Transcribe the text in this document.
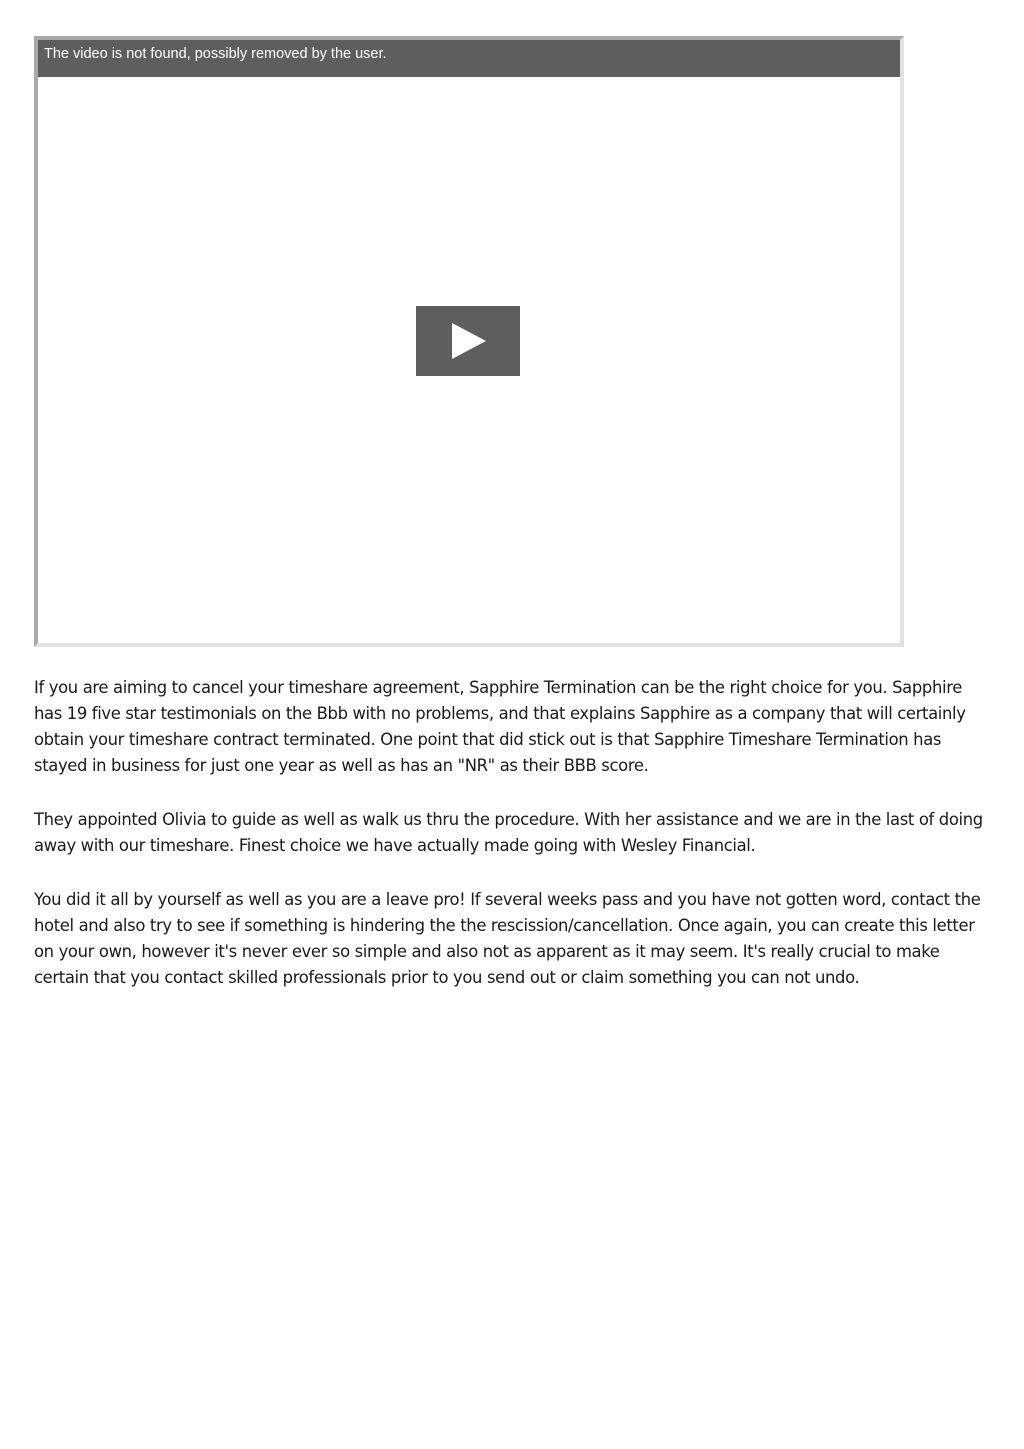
The video is not found, possibly removed by the user.

If you are aiming to cancel your timeshare agreement, Sapphire Termination can be the right choice for you. Sapphire has 19 five star testimonials on the Bbb with no problems, and that explains Sapphire as a company that will certainly obtain your timeshare contract terminated. One point that did stick out is that Sapphire Timeshare Termination has stayed in business for just one year as well as has an "NR" as their BBB score.

They appointed Olivia to guide as well as walk us thru the procedure. With her assistance and we are in the last of doing away with our timeshare. Finest choice we have actually made going with Wesley Financial.

You did it all by yourself as well as you are a leave pro! If several weeks pass and you have not gotten word, contact the hotel and also try to see if something is hindering the the rescission/cancellation. Once again, you can create this letter on your own, however it's never ever so simple and also not as apparent as it may seem. It's really crucial to make certain that you contact skilled professionals prior to you send out or claim something you can not undo.
